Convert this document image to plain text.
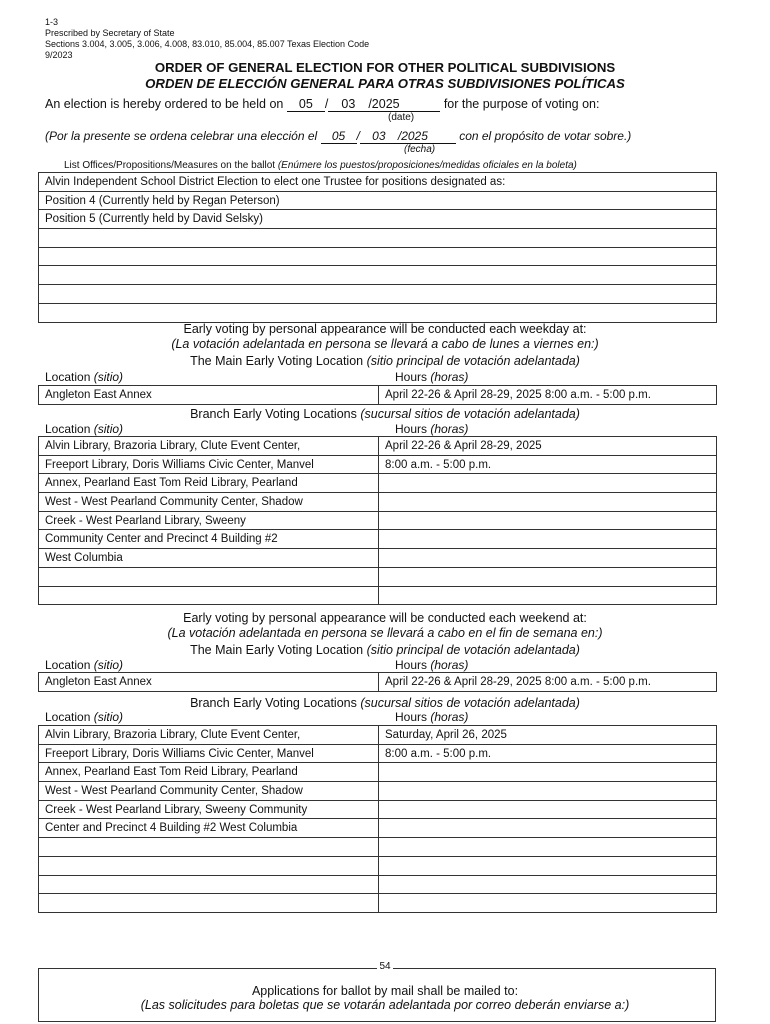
1-3
Prescribed by Secretary of State
Sections 3.004, 3.005, 3.006, 4.008, 83.010, 85.004, 85.007 Texas Election Code
9/2023
ORDER OF GENERAL ELECTION FOR OTHER POLITICAL SUBDIVISIONS
ORDEN DE ELECCIÓN GENERAL PARA OTRAS SUBDIVISIONES POLÍTICAS
An election is hereby ordered to be held on 05 / 03 /2025	for the purpose of voting on:
(date)
(Por la presente se ordena celebrar una elección el 05 / 03 /2025	con el propósito de votar sobre.)
(fecha)
List Offices/Propositions/Measures on the ballot (Enúmere los puestos/proposiciones/medidas oficiales en la boleta)
Alvin Independent School District Election to elect one Trustee for positions designated as:
Position 4 (Currently held by Regan Peterson)
Position 5 (Currently held by David Selsky)

Early voting by personal appearance will be conducted each weekday at:
(La votación adelantada en persona se llevará a cabo de lunes a viernes en:)
The Main Early Voting Location (sitio principal de votación adelantada)
Location (sitio)	Hours (horas)
Angleton East Annex	April 22-26 & April 28-29, 2025 8:00 a.m. - 5:00 p.m.
Branch Early Voting Locations (sucursal sitios de votación adelantada)
Location (sitio)	Hours (horas)
Alvin Library, Brazoria Library, Clute Event Center,	April 22-26 & April 28-29, 2025
Freeport Library, Doris Williams Civic Center, Manvel	8:00 a.m. - 5:00 p.m.
Annex, Pearland East Tom Reid Library, Pearland	
West - West Pearland Community Center, Shadow	
Creek - West Pearland Library, Sweeny	
Community Center and Precinct 4 Building #2	
West Columbia	

Early voting by personal appearance will be conducted each weekend at:
(La votación adelantada en persona se llevará a cabo en el fin de semana en:)
The Main Early Voting Location (sitio principal de votación adelantada)
Location (sitio)	Hours (horas)
Angleton East Annex	April 22-26 & April 28-29, 2025 8:00 a.m. - 5:00 p.m.
Branch Early Voting Locations (sucursal sitios de votación adelantada)
Location (sitio)	Hours (horas)
Alvin Library, Brazoria Library, Clute Event Center,	Saturday, April 26, 2025
Freeport Library, Doris Williams Civic Center, Manvel	8:00 a.m. - 5:00 p.m.
Annex, Pearland East Tom Reid Library, Pearland	
West - West Pearland Community Center, Shadow	
Creek - West Pearland Library, Sweeny Community	
Center and Precinct 4 Building #2 West Columbia	

54
Applications for ballot by mail shall be mailed to:
(Las solicitudes para boletas que se votarán adelantada por correo deberán enviarse a:)
